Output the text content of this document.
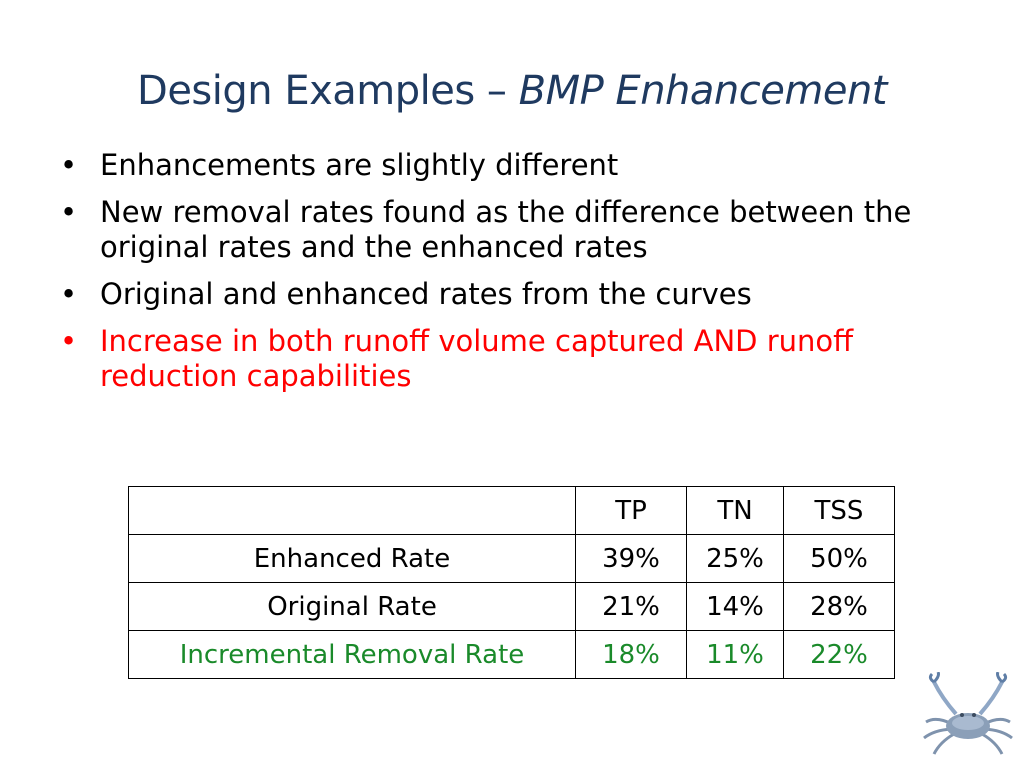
Design Examples – BMP Enhancement
• Enhancements are slightly different
• New removal rates found as the difference between the original rates and the enhanced rates
• Original and enhanced rates from the curves
• Increase in both runoff volume captured AND runoff reduction capabilities
	TP	TN	TSS
Enhanced Rate	39%	25%	50%
Original Rate	21%	14%	28%
Incremental Removal Rate	18%	11%	22%
